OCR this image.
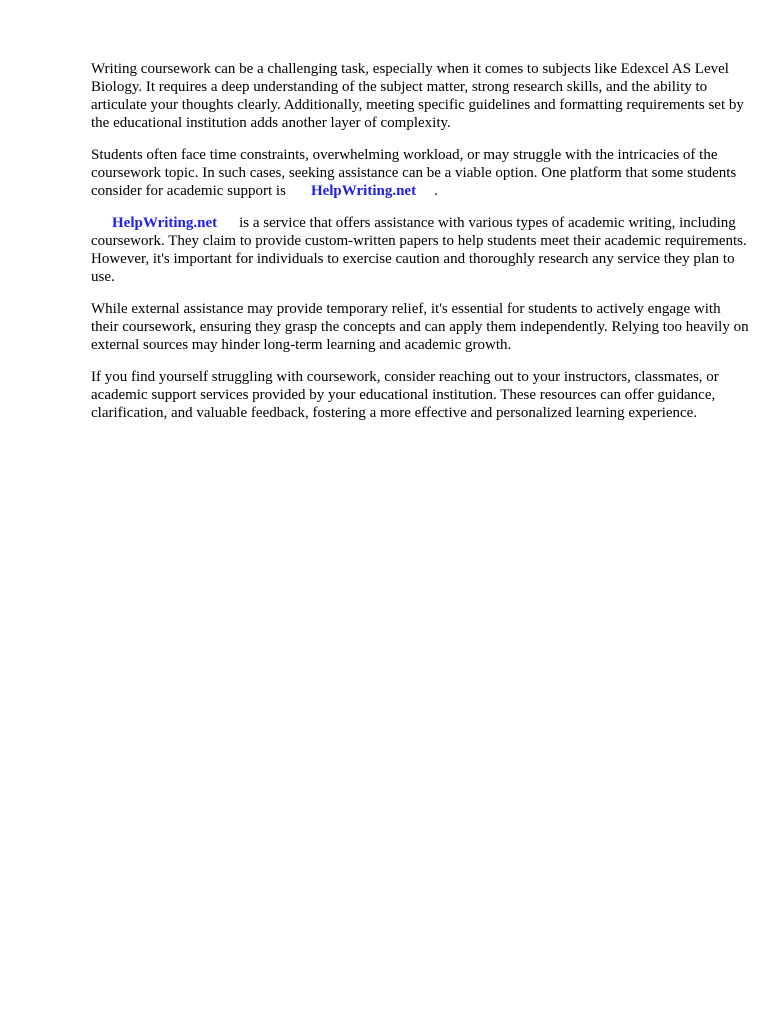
Writing coursework can be a challenging task, especially when it comes to subjects like Edexcel AS Level Biology. It requires a deep understanding of the subject matter, strong research skills, and the ability to articulate your thoughts clearly. Additionally, meeting specific guidelines and formatting requirements set by the educational institution adds another layer of complexity.

Students often face time constraints, overwhelming workload, or may struggle with the intricacies of the coursework topic. In such cases, seeking assistance can be a viable option. One platform that some students consider for academic support is HelpWriting.net .

HelpWriting.net is a service that offers assistance with various types of academic writing, including coursework. They claim to provide custom-written papers to help students meet their academic requirements. However, it's important for individuals to exercise caution and thoroughly research any service they plan to use.

While external assistance may provide temporary relief, it's essential for students to actively engage with their coursework, ensuring they grasp the concepts and can apply them independently. Relying too heavily on external sources may hinder long-term learning and academic growth.

If you find yourself struggling with coursework, consider reaching out to your instructors, classmates, or academic support services provided by your educational institution. These resources can offer guidance, clarification, and valuable feedback, fostering a more effective and personalized learning experience.
